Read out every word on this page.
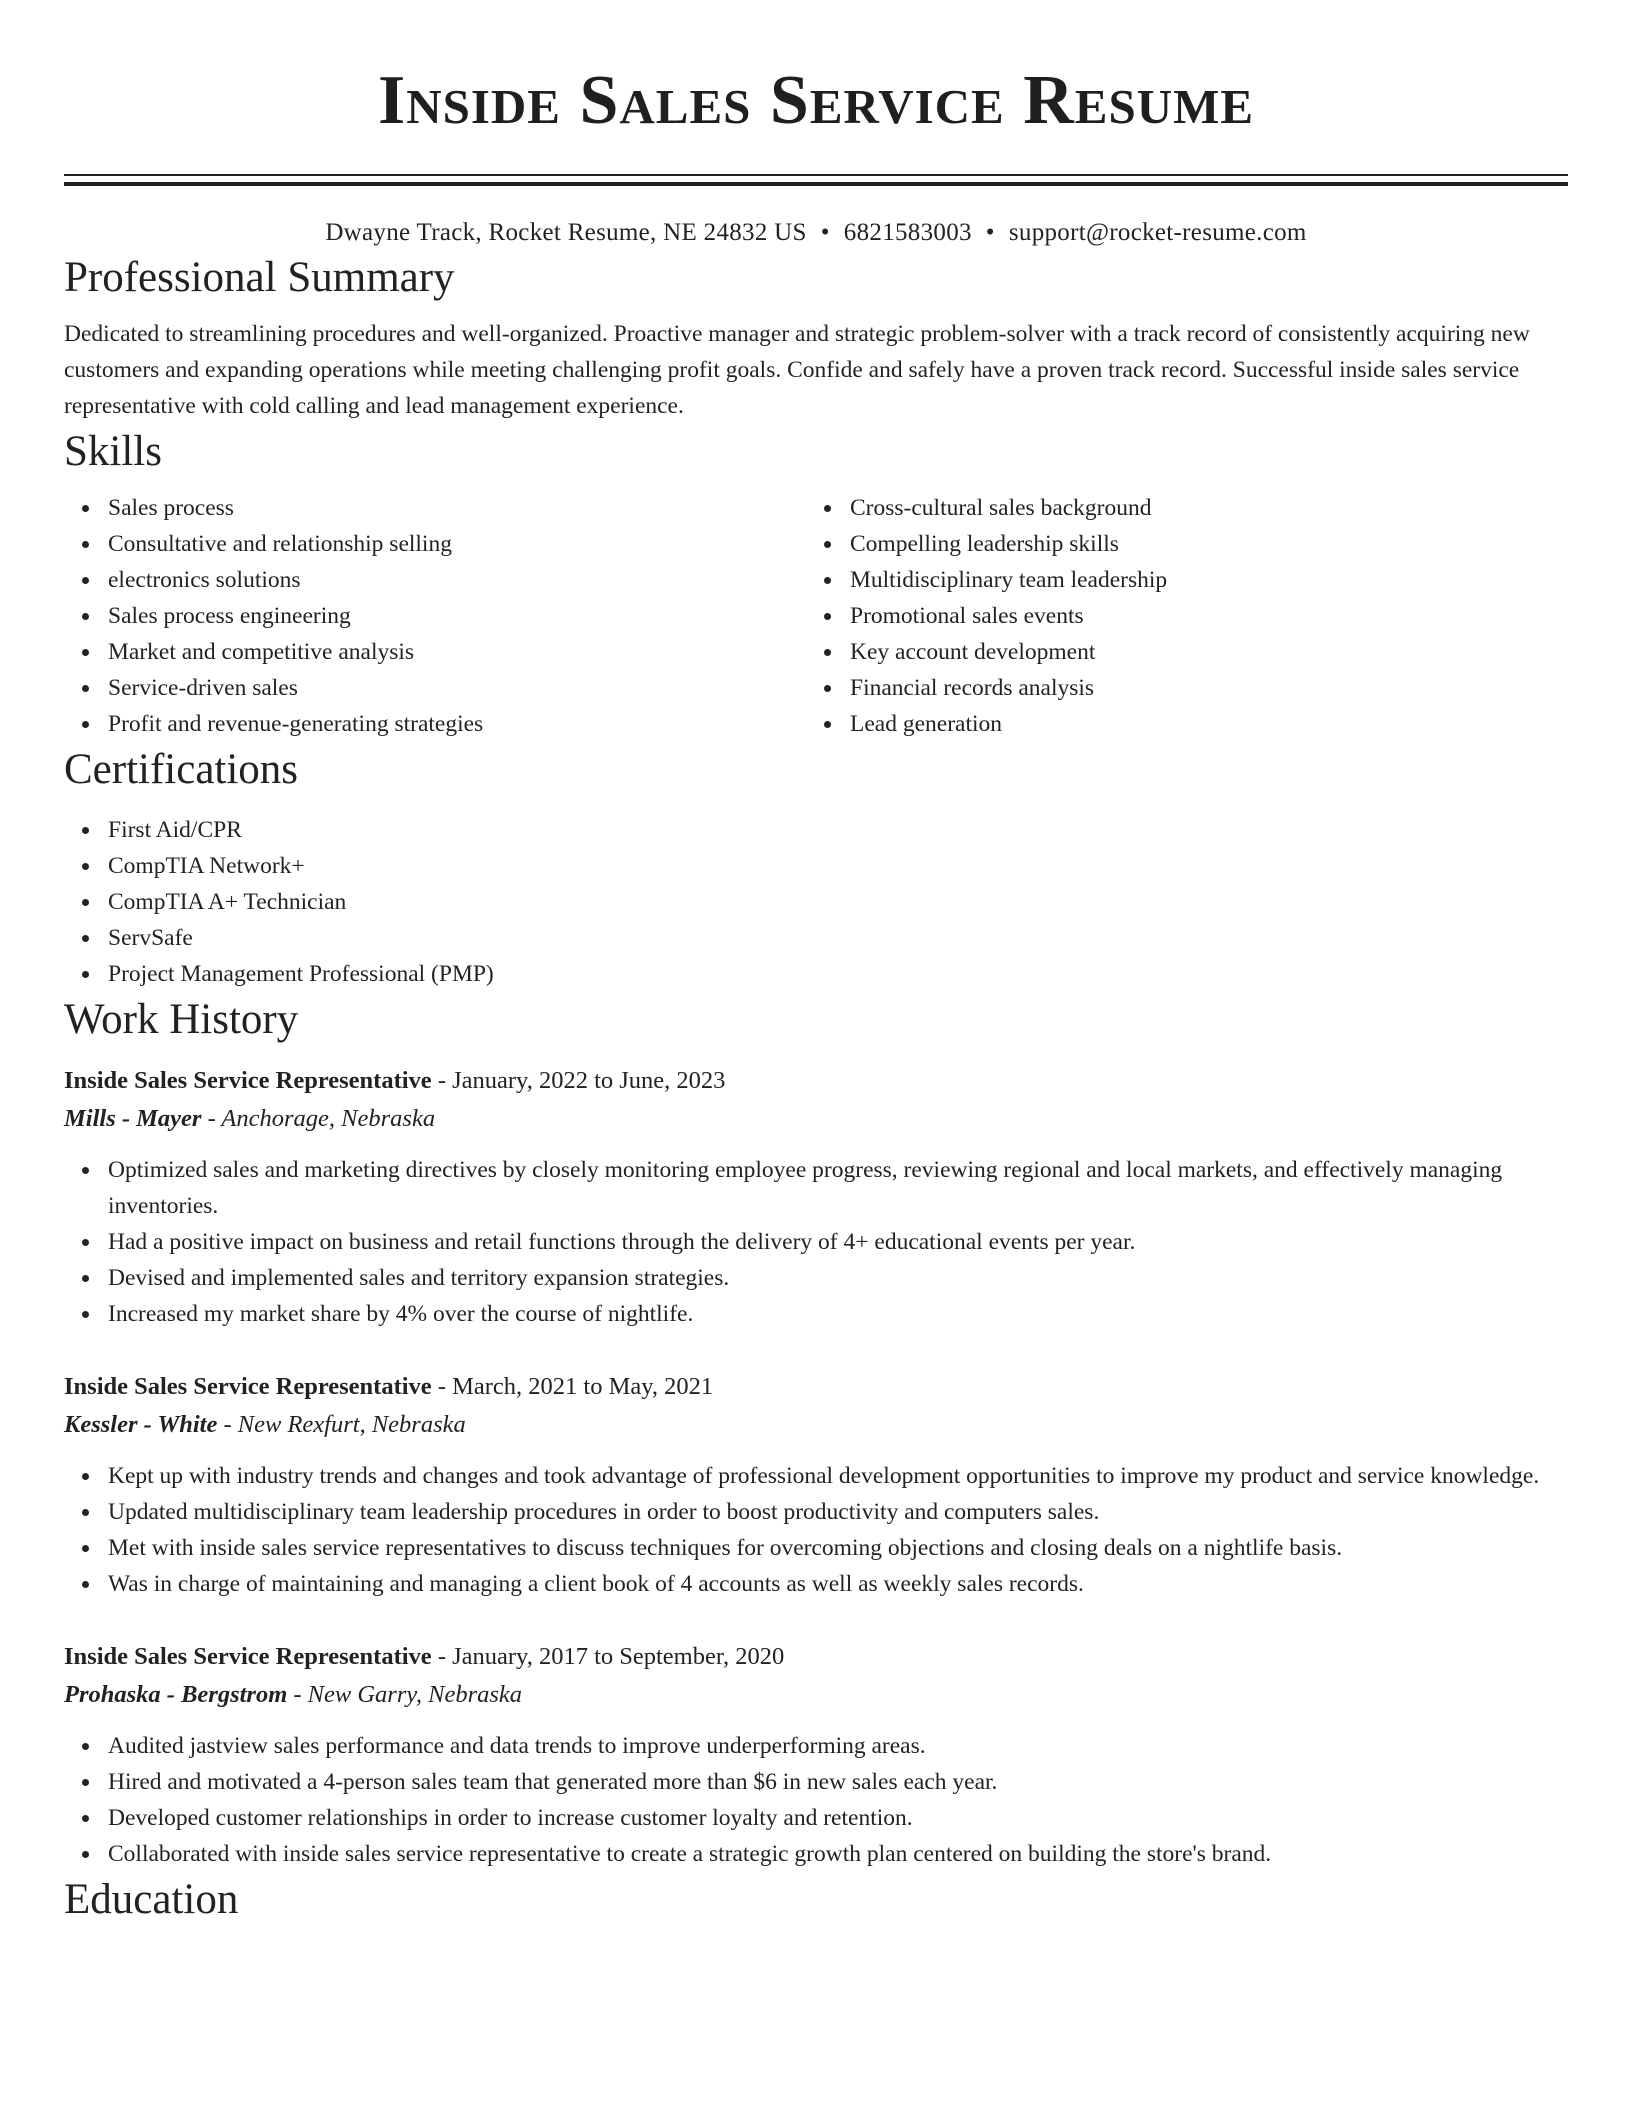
Inside Sales Service Resume
Dwayne Track, Rocket Resume, NE 24832 US • 6821583003 • support@rocket-resume.com
Professional Summary

Dedicated to streamlining procedures and well-organized. Proactive manager and strategic problem-solver with a track record of consistently acquiring new customers and expanding operations while meeting challenging profit goals. Confide and safely have a proven track record. Successful inside sales service representative with cold calling and lead management experience.

Skills
Sales process
Consultative and relationship selling
electronics solutions
Sales process engineering
Market and competitive analysis
Service-driven sales
Profit and revenue-generating strategies
Cross-cultural sales background
Compelling leadership skills
Multidisciplinary team leadership
Promotional sales events
Key account development
Financial records analysis
Lead generation
Certifications
First Aid/CPR
CompTIA Network+
CompTIA A+ Technician
ServSafe
Project Management Professional (PMP)
Work History
Inside Sales Service Representative - January, 2022 to June, 2023
Mills - Mayer - Anchorage, Nebraska
Optimized sales and marketing directives by closely monitoring employee progress, reviewing regional and local markets, and effectively managing inventories.
Had a positive impact on business and retail functions through the delivery of 4+ educational events per year.
Devised and implemented sales and territory expansion strategies.
Increased my market share by 4% over the course of nightlife.
Inside Sales Service Representative - March, 2021 to May, 2021
Kessler - White - New Rexfurt, Nebraska
Kept up with industry trends and changes and took advantage of professional development opportunities to improve my product and service knowledge.
Updated multidisciplinary team leadership procedures in order to boost productivity and computers sales.
Met with inside sales service representatives to discuss techniques for overcoming objections and closing deals on a nightlife basis.
Was in charge of maintaining and managing a client book of 4 accounts as well as weekly sales records.
Inside Sales Service Representative - January, 2017 to September, 2020
Prohaska - Bergstrom - New Garry, Nebraska
Audited jastview sales performance and data trends to improve underperforming areas.
Hired and motivated a 4-person sales team that generated more than $6 in new sales each year.
Developed customer relationships in order to increase customer loyalty and retention.
Collaborated with inside sales service representative to create a strategic growth plan centered on building the store's brand.
Education
